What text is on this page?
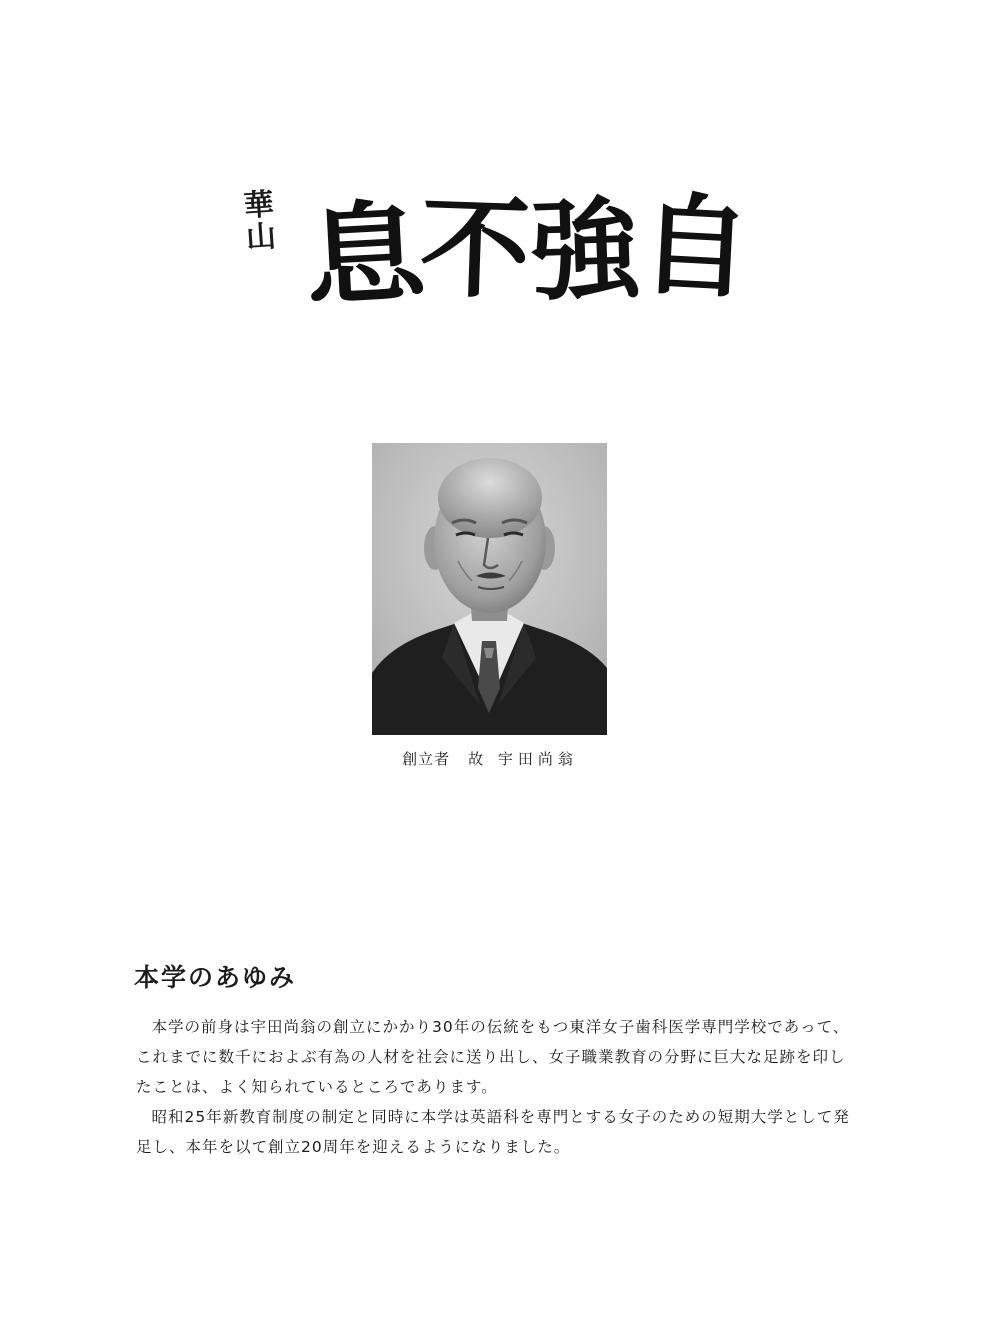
華
山 息
不
強
自
創立者 故 宇田尚翁
本学のあゆみ

本学の前身は宇田尚翁の創立にかかり30年の伝統をもつ東洋女子歯科医学専門学校であって、これまでに数千におよぶ有為の人材を社会に送り出し、女子職業教育の分野に巨大な足跡を印したことは、よく知られているところであります。

昭和25年新教育制度の制定と同時に本学は英語科を専門とする女子のための短期大学として発足し、本年を以て創立20周年を迎えるようになりました。
